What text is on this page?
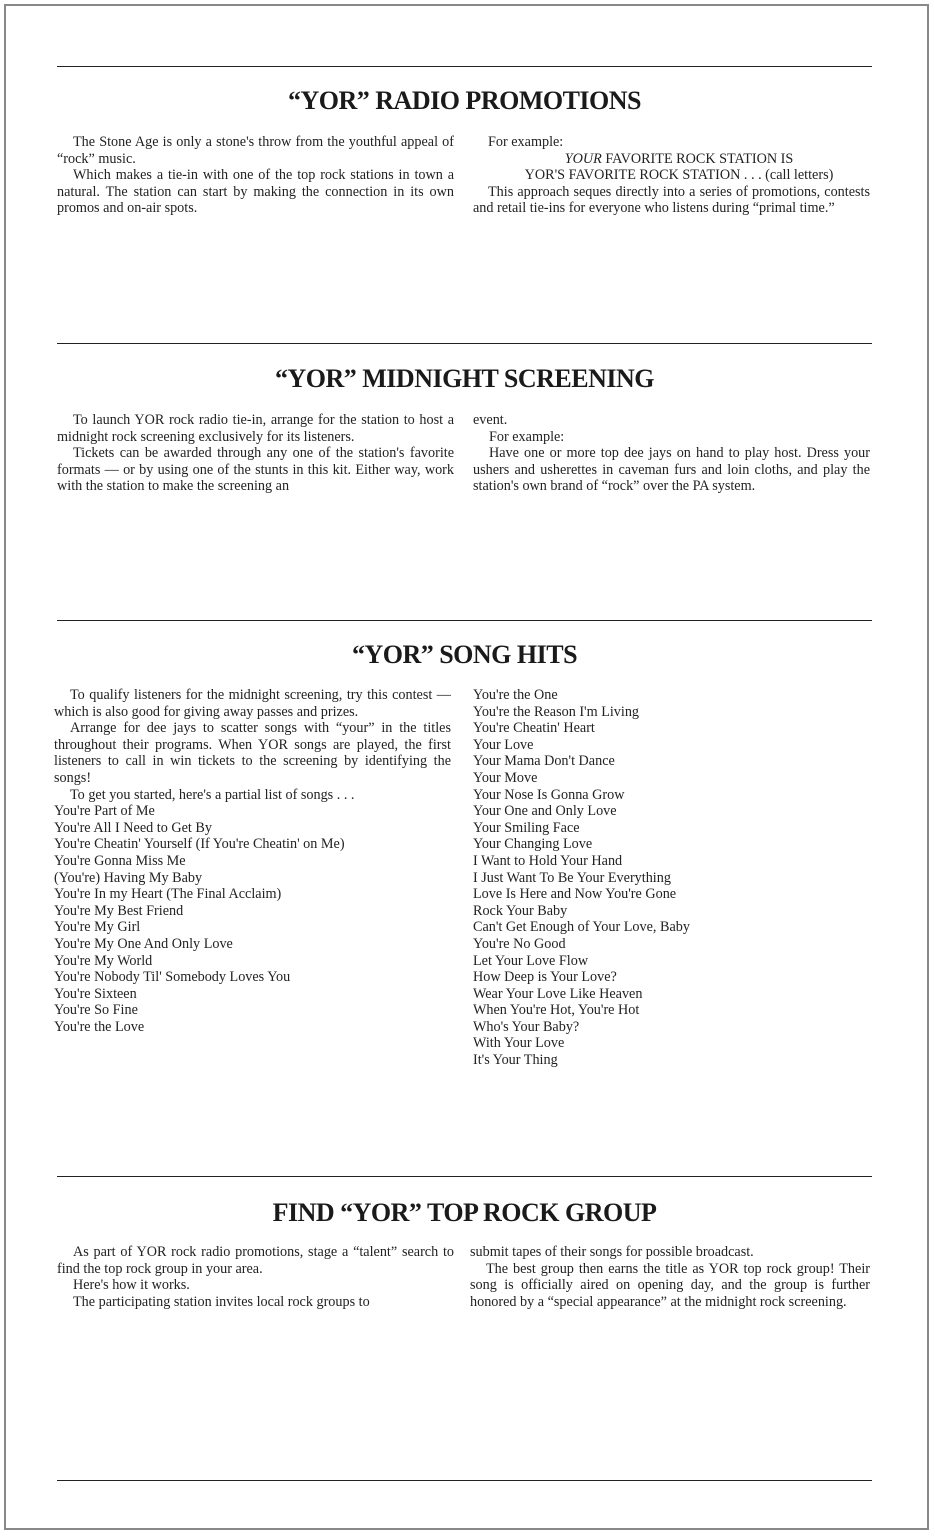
“YOR” RADIO PROMOTIONS

The Stone Age is only a stone's throw from the youthful appeal of “rock” music.

Which makes a tie-in with one of the top rock stations in town a natural. The station can start by making the connection in its own promos and on-air spots.

For example:

YOUR FAVORITE ROCK STATION IS

YOR'S FAVORITE ROCK STATION . . . (call letters)

This approach seques directly into a series of promotions, contests and retail tie-ins for everyone who listens during “primal time.”

“YOR” MIDNIGHT SCREENING

To launch YOR rock radio tie-in, arrange for the station to host a midnight rock screening exclusively for its listeners.

Tickets can be awarded through any one of the station's favorite formats — or by using one of the stunts in this kit. Either way, work with the station to make the screening an

event.

For example:

Have one or more top dee jays on hand to play host. Dress your ushers and usherettes in caveman furs and loin cloths, and play the station's own brand of “rock” over the PA system.

“YOR” SONG HITS

To qualify listeners for the midnight screening, try this contest — which is also good for giving away passes and prizes.

Arrange for dee jays to scatter songs with “your” in the titles throughout their programs. When YOR songs are played, the first listeners to call in win tickets to the screening by identifying the songs!

To get you started, here's a partial list of songs . . .

You're Part of Me
You're All I Need to Get By
You're Cheatin' Yourself (If You're Cheatin' on Me)
You're Gonna Miss Me
(You're) Having My Baby
You're In my Heart (The Final Acclaim)
You're My Best Friend
You're My Girl
You're My One And Only Love
You're My World
You're Nobody Til' Somebody Loves You
You're Sixteen
You're So Fine
You're the Love
You're the One
You're the Reason I'm Living
You're Cheatin' Heart
Your Love
Your Mama Don't Dance
Your Move
Your Nose Is Gonna Grow
Your One and Only Love
Your Smiling Face
Your Changing Love
I Want to Hold Your Hand
I Just Want To Be Your Everything
Love Is Here and Now You're Gone
Rock Your Baby
Can't Get Enough of Your Love, Baby
You're No Good
Let Your Love Flow
How Deep is Your Love?
Wear Your Love Like Heaven
When You're Hot, You're Hot
Who's Your Baby?
With Your Love
It's Your Thing
FIND “YOR” TOP ROCK GROUP

As part of YOR rock radio promotions, stage a “talent” search to find the top rock group in your area.

Here's how it works.

The participating station invites local rock groups to

submit tapes of their songs for possible broadcast.

The best group then earns the title as YOR top rock group! Their song is officially aired on opening day, and the group is further honored by a “special appearance” at the midnight rock screening.
